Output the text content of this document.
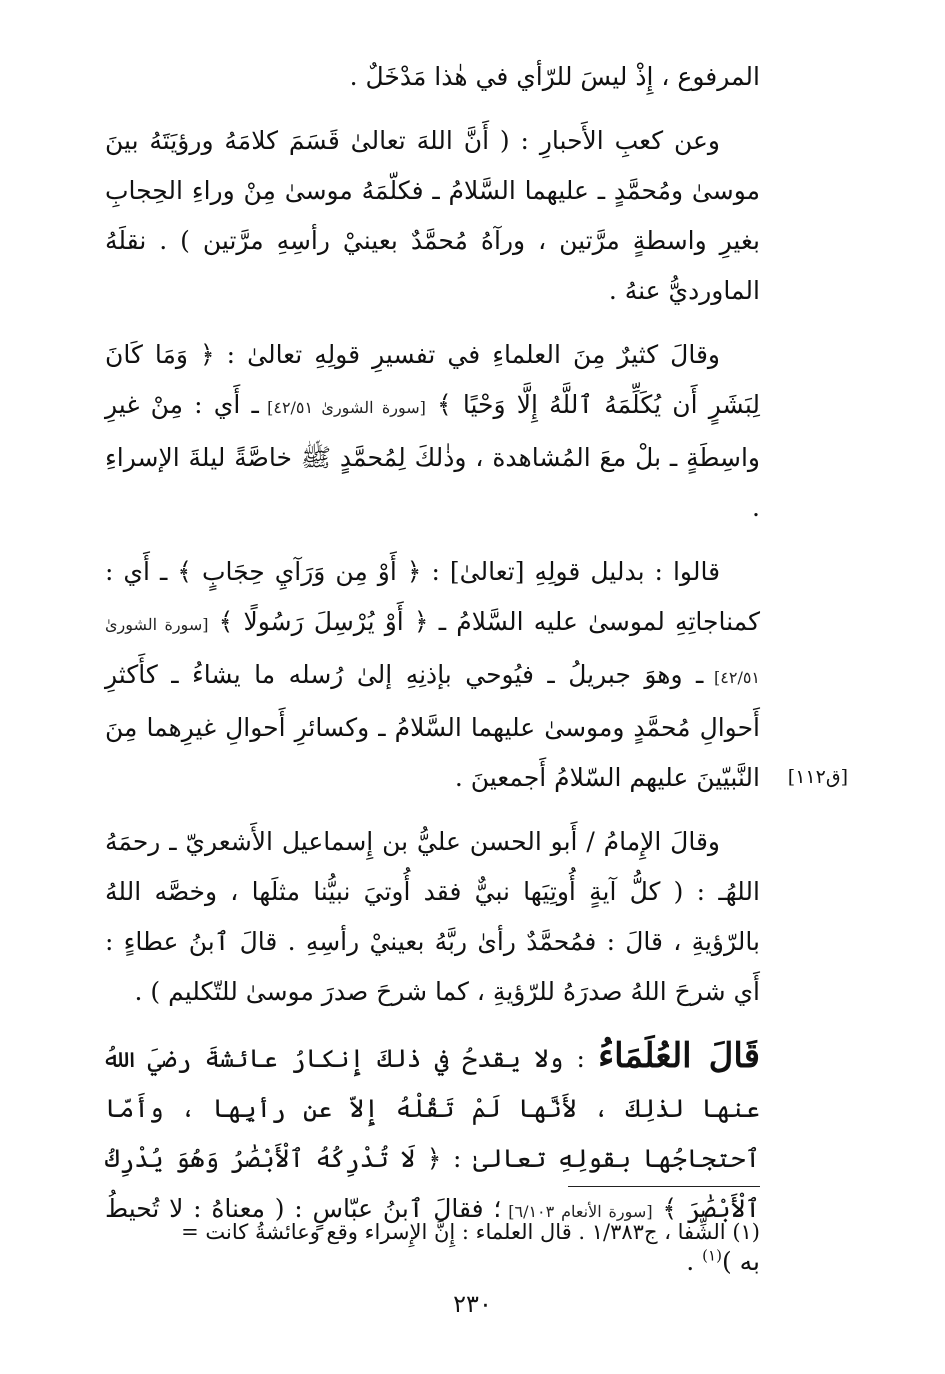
[ق١١٢]

المرفوع ، إِذْ ليسَ للرّأي في هٰذا مَدْخَلٌ .

وعن كعبِ الأَحبارِ : ( أَنَّ اللهَ تعالىٰ قَسَمَ كلامَهُ ورؤيَتَهُ بينَ موسىٰ ومُحمَّدٍ ـ عليهما السَّلامُ ـ فكلّمَهُ موسىٰ مِنْ وراءِ الحِجابِ بغيرِ واسطةٍ مرَّتين ، ورآهُ مُحمَّدٌ بعينيْ رأسِهِ مرَّتين ) . نقلَهُ الماورديُّ عنهُ .

وقالَ كثيرٌ مِنَ العلماءِ في تفسيرِ قولِهِ تعالىٰ : ﴿ وَمَا كَانَ لِبَشَرٍ أَن يُكَلِّمَهُ ٱللَّهُ إِلَّا وَحْيًا ﴾ [سورة الشورىٰ ٤٢/٥١] ـ أَي : مِنْ غيرِ واسِطَةٍ ـ بلْ معَ المُشاهدة ، وذٰلكَ لِمُحمَّدٍ ﷺ خاصَّةً ليلةَ الإسراءِ .

قالوا : بدليل قولِهِ [تعالىٰ] : ﴿ أَوْ مِن وَرَآيِ حِجَابٍ ﴾ ـ أَي : كمناجاتِهِ لموسىٰ عليه السَّلامُ ـ ﴿ أَوْ يُرْسِلَ رَسُولًا ﴾ [سورة الشورىٰ ٤٢/٥١] ـ وهوَ جبريلُ ـ فيُوحي بإذنِهِ إلىٰ رُسله ما يشاءُ ـ كأَكثرِ أَحوالِ مُحمَّدٍ وموسىٰ عليهما السَّلامُ ـ وكسائرِ أَحوالِ غيرِهما مِنَ النَّبيّينَ عليهم السّلامُ أَجمعينَ .

وقالَ الإِمامُ / أَبو الحسن عليُّ بن إِسماعيل الأَشعريّ ـ رحمَهُ اللهُـ : ( كلُّ آيةٍ أُوتِيَها نبيٌّ فقد أُوتيَ نبيُّنا مثلَها ، وخصَّه اللهُ بالرّؤيةِ ، قالَ : فمُحمَّدٌ رأىٰ ربَّهُ بعينيْ رأسِهِ . قالَ ٱبنُ عطاءٍ : أَي شرحَ اللهُ صدرَهُ للرّؤيةِ ، كما شرحَ صدرَ موسىٰ للتّكليم ) .

قَالَ العُلَمَاءُ : ولا يقدحُ في ذٰلكَ إِنكارُ عائشةَ رضيَ اللهُ عنها لذٰلِكَ ، لأَنَّها لَمْ تَقُلْهُ إِلاّ عن رأيِها ، وأَمّا ٱحتجاجُها بقولِهِ تعالىٰ : ﴿ لَا تُدْرِكُهُ ٱلْأَبْصَٰرُ وَهُوَ يُدْرِكُ ٱلْأَبْصَٰرَ ﴾ [سورة الأنعام ٦/١٠٣] ؛ فقالَ ٱبنُ عبّاسٍ : ( معناهُ : لا تُحيطُ به )$^{(١)}$ .

(١) الشِّفا ، ج١/٣٨٣ . قال العلماء : إِنَّ الإِسراء وقع وعائشةُ كانت =
٢٣٠
